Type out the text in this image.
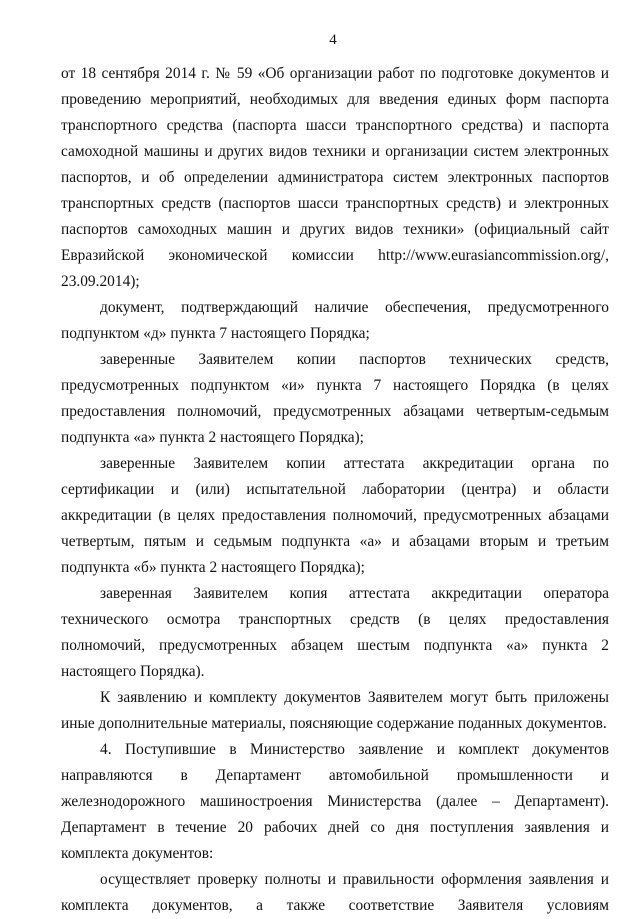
4

от 18 сентября 2014 г. № 59 «Об организации работ по подготовке документов и проведению мероприятий, необходимых для введения единых форм паспорта транспортного средства (паспорта шасси транспортного средства) и паспорта самоходной машины и других видов техники и организации систем электронных паспортов, и об определении администратора систем электронных паспортов транспортных средств (паспортов шасси транспортных средств) и электронных паспортов самоходных машин и других видов техники» (официальный сайт Евразийской экономической комиссии http://www.eurasiancommission.org/, 23.09.2014);

документ, подтверждающий наличие обеспечения, предусмотренного подпунктом «д» пункта 7 настоящего Порядка;

заверенные Заявителем копии паспортов технических средств, предусмотренных подпунктом «и» пункта 7 настоящего Порядка (в целях предоставления полномочий, предусмотренных абзацами четвертым-седьмым подпункта «а» пункта 2 настоящего Порядка);

заверенные Заявителем копии аттестата аккредитации органа по сертификации и (или) испытательной лаборатории (центра) и области аккредитации (в целях предоставления полномочий, предусмотренных абзацами четвертым, пятым и седьмым подпункта «а» и абзацами вторым и третьим подпункта «б» пункта 2 настоящего Порядка);

заверенная Заявителем копия аттестата аккредитации оператора технического осмотра транспортных средств (в целях предоставления полномочий, предусмотренных абзацем шестым подпункта «а» пункта 2 настоящего Порядка).

К заявлению и комплекту документов Заявителем могут быть приложены иные дополнительные материалы, поясняющие содержание поданных документов.

4. Поступившие в Министерство заявление и комплект документов направляются в Департамент автомобильной промышленности и железнодорожного машиностроения Министерства (далее – Департамент). Департамент в течение 20 рабочих дней со дня поступления заявления и комплекта документов:

осуществляет проверку полноты и правильности оформления заявления и комплекта документов, а также соответствие Заявителя условиям
